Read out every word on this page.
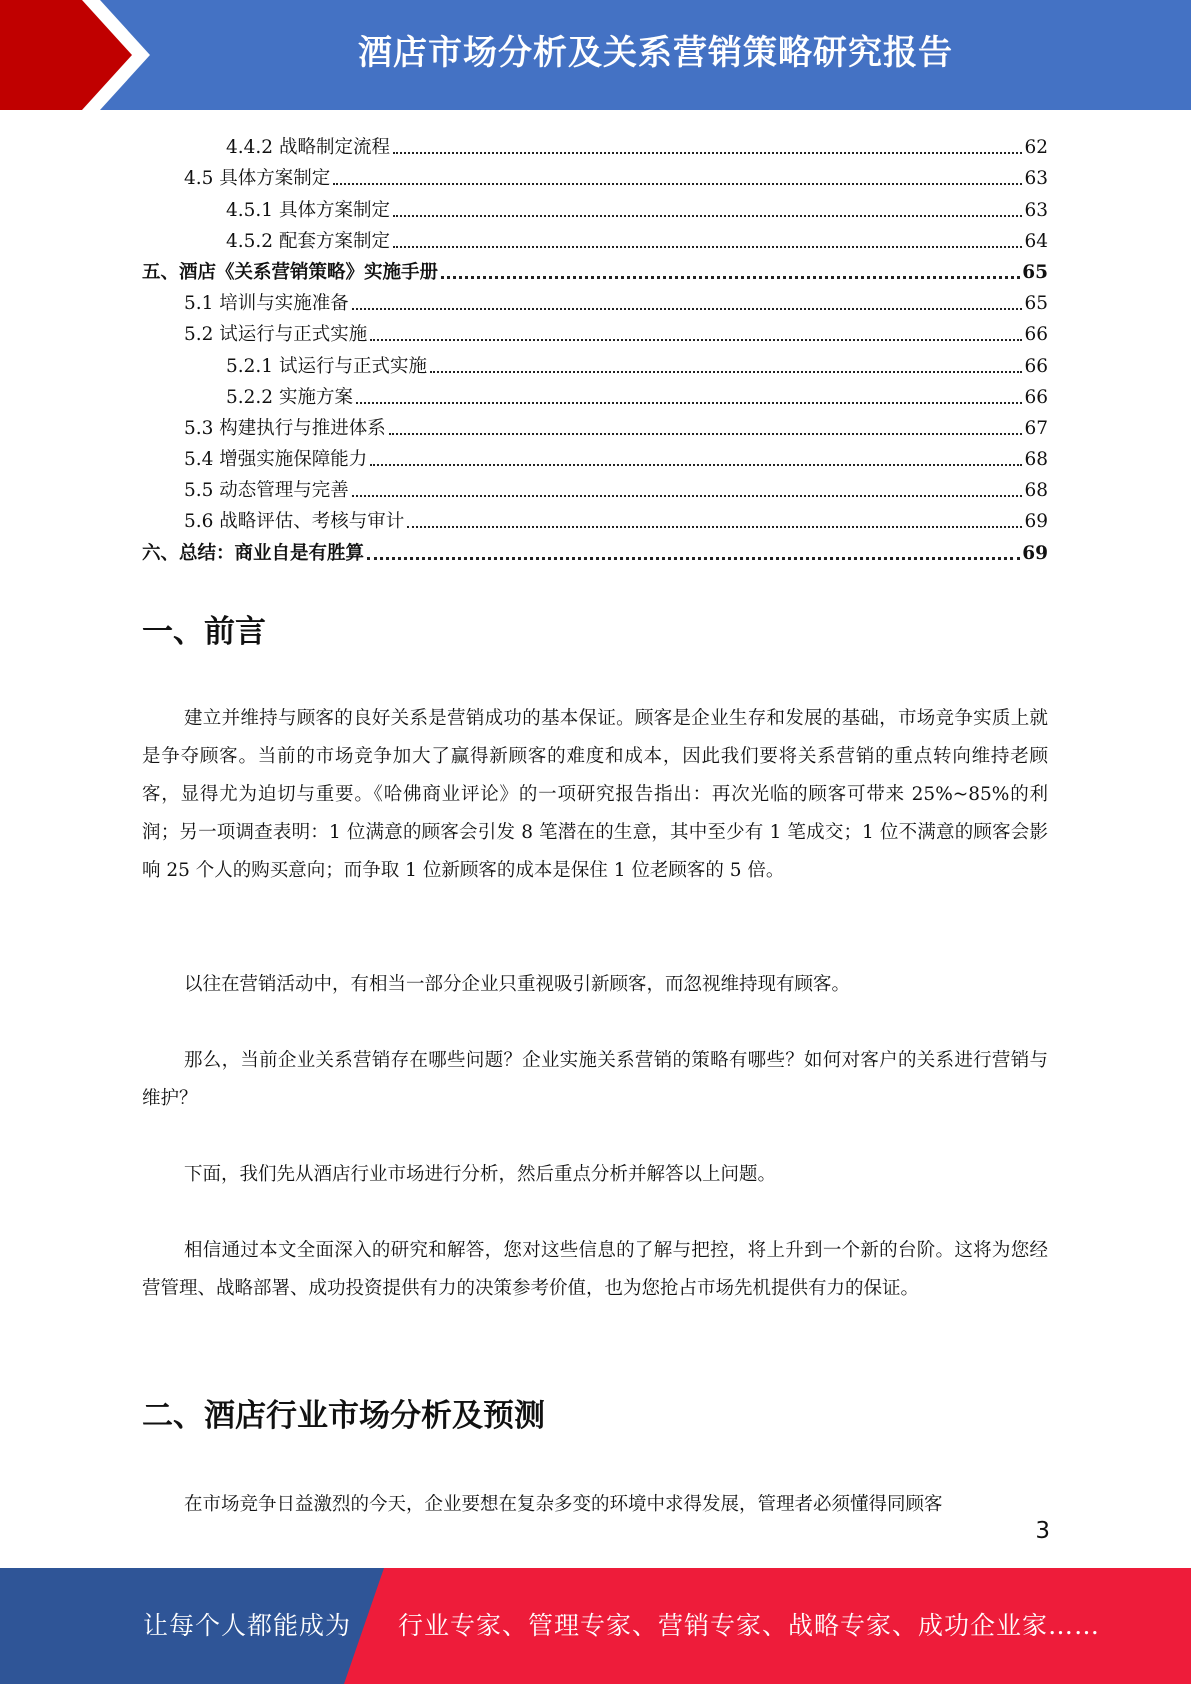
酒店市场分析及关系营销策略研究报告
4.4.2 战略制定流程	62
4.5 具体方案制定	63
4.5.1 具体方案制定	63
4.5.2 配套方案制定	64
五、酒店《关系营销策略》实施手册	65
5.1 培训与实施准备	65
5.2 试运行与正式实施	66
5.2.1 试运行与正式实施	66
5.2.2 实施方案	66
5.3 构建执行与推进体系	67
5.4 增强实施保障能力	68
5.5 动态管理与完善	68
5.6 战略评估、考核与审计	69
六、总结：商业自是有胜算	69
一、前言

建立并维持与顾客的良好关系是营销成功的基本保证。顾客是企业生存和发展的基础，市场竞争实质上就是争夺顾客。当前的市场竞争加大了赢得新顾客的难度和成本，因此我们要将关系营销的重点转向维持老顾客，显得尤为迫切与重要。《哈佛商业评论》的一项研究报告指出：再次光临的顾客可带来 25%~85%的利润；另一项调查表明：1 位满意的顾客会引发 8 笔潜在的生意，其中至少有 1 笔成交；1 位不满意的顾客会影响 25 个人的购买意向；而争取 1 位新顾客的成本是保住 1 位老顾客的 5 倍。

以往在营销活动中，有相当一部分企业只重视吸引新顾客，而忽视维持现有顾客。

那么，当前企业关系营销存在哪些问题？企业实施关系营销的策略有哪些？如何对客户的关系进行营销与维护？

下面，我们先从酒店行业市场进行分析，然后重点分析并解答以上问题。

相信通过本文全面深入的研究和解答，您对这些信息的了解与把控，将上升到一个新的台阶。这将为您经营管理、战略部署、成功投资提供有力的决策参考价值，也为您抢占市场先机提供有力的保证。

二、酒店行业市场分析及预测

在市场竞争日益激烈的今天，企业要想在复杂多变的环境中求得发展，管理者必须懂得同顾客

3
让每个人都能成为 行业专家、管理专家、营销专家、战略专家、成功企业家……
